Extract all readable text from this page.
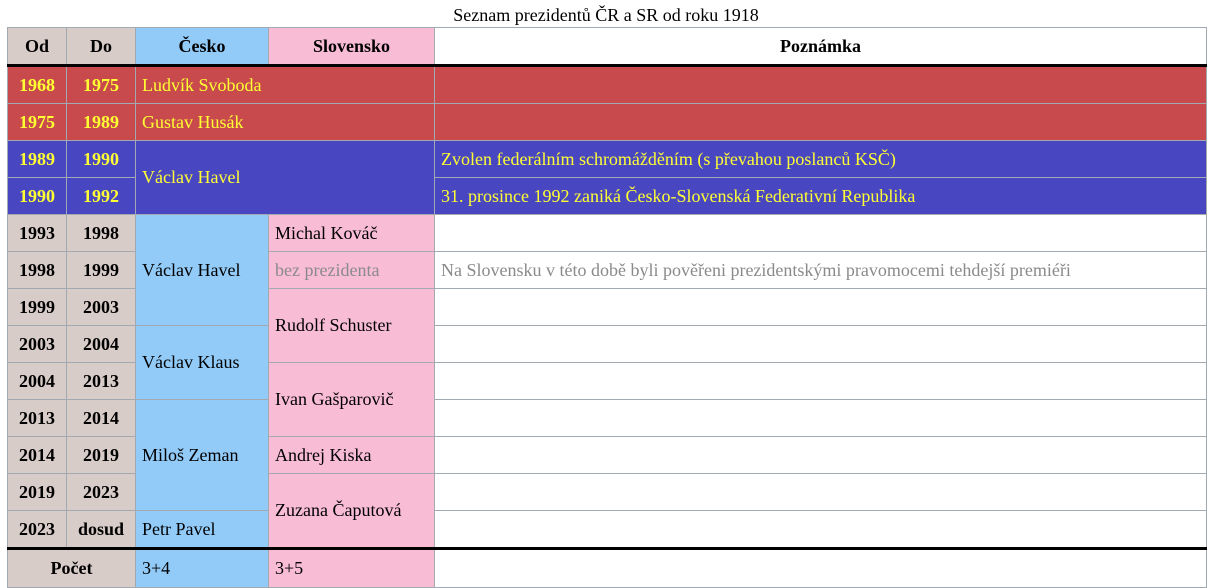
Seznam prezidentů ČR a SR od roku 1918
Od	Do	Česko	Slovensko	Poznámka
1968	1975	Ludvík Svoboda		
1975	1989	Gustav Husák		
1989	1990	Václav Havel		Zvolen federálním schromážděním (s převahou poslanců KSČ)
1990	1992			31. prosince 1992 zaniká Česko-Slovenská Federativní Republika
1993	1998	Václav Havel	Michal Kováč	
1998	1999		bez prezidenta	Na Slovensku v této době byli pověřeni prezidentskými pravomocemi tehdejší premiéři
1999	2003		Rudolf Schuster	
2003	2004	Václav Klaus		
2004	2013		Ivan Gašparovič	
2013	2014	Miloš Zeman		
2014	2019		Andrej Kiska	
2019	2023		Zuzana Čaputová	
2023	dosud	Petr Pavel		
Počet		3+4	3+5	
